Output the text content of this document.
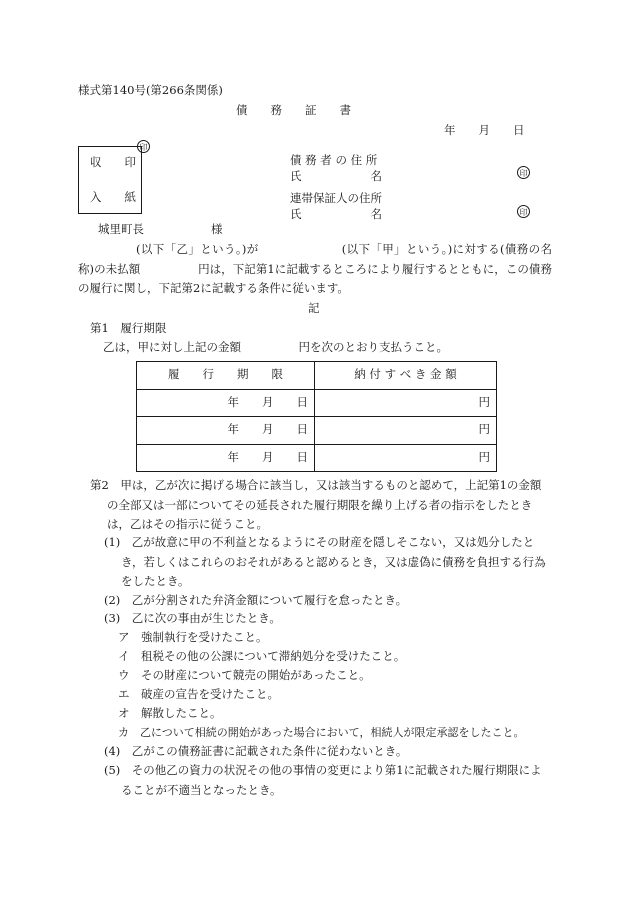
様式第140号(第266条関係)
債　　務　　証　　書
年　　月　　日
印
収　　印
入　　紙
債 務 者 の 住 所
氏　　　　　　名	印
連帯保証人の住所
氏　　　　　　名	印
城里町長	様
(以下「乙」という。)が　　　　　　　(以下「甲」という。)に対する(債務の名称)の未払額　　　　　円は，下記第1に記載するところにより履行するとともに，この債務の履行に関し，下記第2に記載する条件に従います。
記
第1　履行期限
乙は，甲に対し上記の金額　　　　　円を次のとおり支払うこと。
履　　行　　期　　限	納 付 す べ き 金 額
年　　月　　日	円
年　　月　　日	円
年　　月　　日	円
第2　甲は，乙が次に掲げる場合に該当し，又は該当するものと認めて，上記第1の金額の全部又は一部についてその延長された履行期限を繰り上げる者の指示をしたときは，乙はその指示に従うこと。
(1)　乙が故意に甲の不利益となるようにその財産を隠しそこない，又は処分したとき，若しくはこれらのおそれがあると認めるとき，又は虚偽に債務を負担する行為をしたとき。
(2)　乙が分割された弁済金額について履行を怠ったとき。
(3)　乙に次の事由が生じたとき。
ア　強制執行を受けたこと。
イ　租税その他の公課について滞納処分を受けたこと。
ウ　その財産について競売の開始があったこと。
エ　破産の宣告を受けたこと。
オ　解散したこと。
カ　乙について相続の開始があった場合において，相続人が限定承認をしたこと。
(4)　乙がこの債務証書に記載された条件に従わないとき。
(5)　その他乙の資力の状況その他の事情の変更により第1に記載された履行期限によることが不適当となったとき。
